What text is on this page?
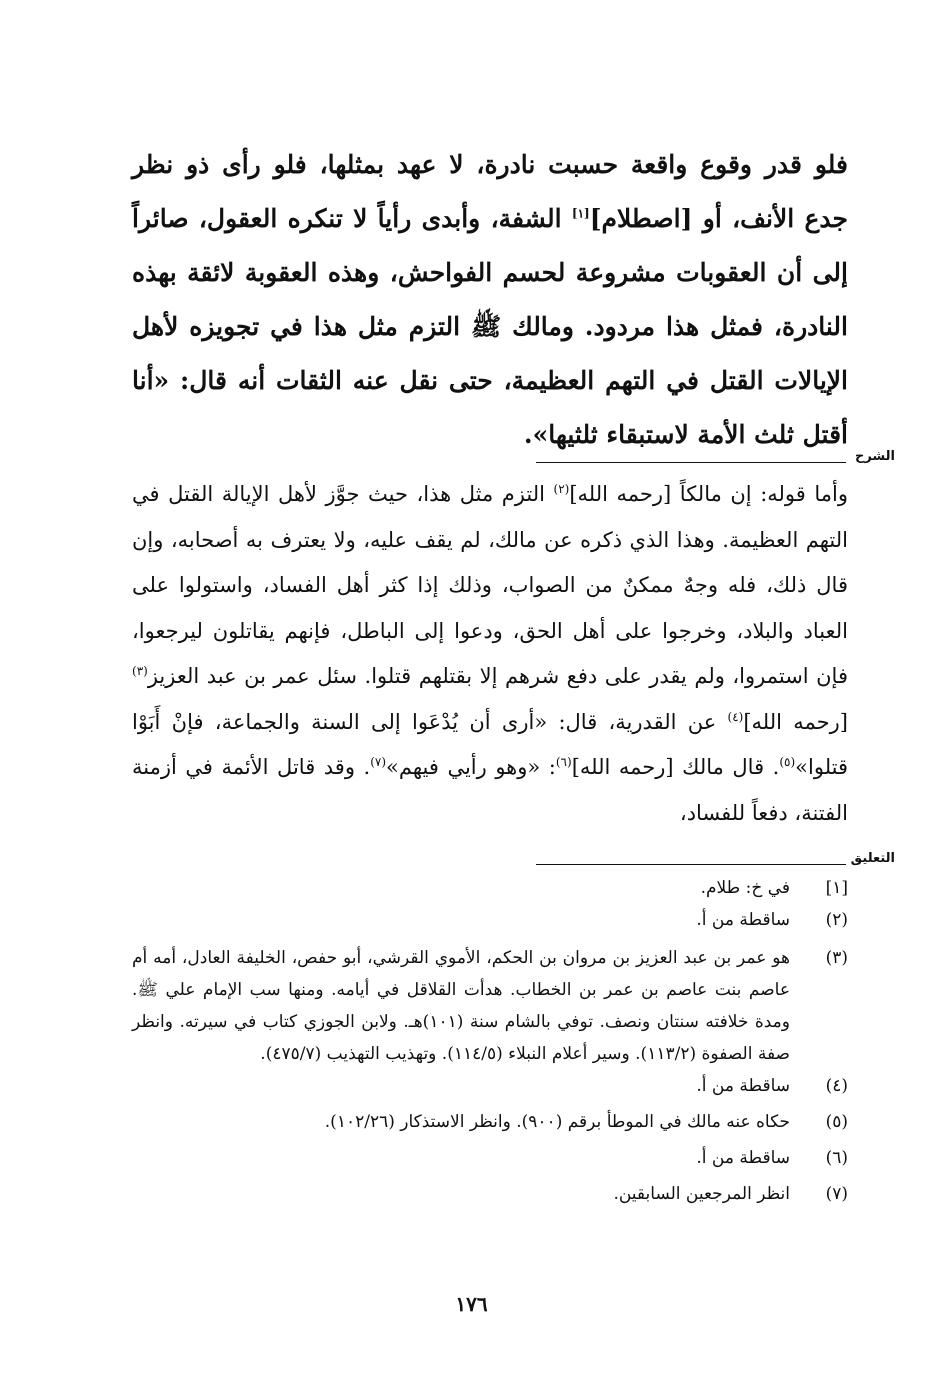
فلو قدر وقوع واقعة حسبت نادرة، لا عهد بمثلها، فلو رأى ذو نظر جدع الأنف، أو [اصطلام][١] الشفة، وأبدى رأياً لا تنكره العقول، صائراً إلى أن العقوبات مشروعة لحسم الفواحش، وهذه العقوبة لائقة بهذه النادرة، فمثل هذا مردود. ومالك ﷺ التزم مثل هذا في تجويزه لأهل الإيالات القتل في التهم العظيمة، حتى نقل عنه الثقات أنه قال: «أنا أقتل ثلث الأمة لاستبقاء ثلثيها».
الشرح
وأما قوله: إن مالكاً [رحمه الله]$^{(٢)}$ التزم مثل هذا، حيث جوَّز لأهل الإيالة القتل في التهم العظيمة. وهذا الذي ذكره عن مالك، لم يقف عليه، ولا يعترف به أصحابه، وإن قال ذلك، فله وجهٌ ممكنٌ من الصواب، وذلك إذا كثر أهل الفساد، واستولوا على العباد والبلاد، وخرجوا على أهل الحق، ودعوا إلى الباطل، فإنهم يقاتلون ليرجعوا، فإن استمروا، ولم يقدر على دفع شرهم إلا بقتلهم قتلوا. سئل عمر بن عبد العزيز$^{(٣)}$ [رحمه الله]$^{(٤)}$ عن القدرية، قال: «أرى أن يُدْعَوا إلى السنة والجماعة، فإنْ أَبَوْا قتلوا»$^{(٥)}$. قال مالك [رحمه الله]$^{(٦)}$: «وهو رأيي فيهم»$^{(٧)}$. وقد قاتل الأئمة في أزمنة الفتنة، دفعاً للفساد،
التعليق
[١]
في خ: طلام.
(٢)
ساقطة من أ.
(٣)
هو عمر بن عبد العزيز بن مروان بن الحكم، الأموي القرشي، أبو حفص، الخليفة العادل، أمه أم عاصم بنت عاصم بن عمر بن الخطاب. هدأت القلاقل في أيامه. ومنها سب الإمام علي ﷺ. ومدة خلافته سنتان ونصف. توفي بالشام سنة (١٠١)هـ. ولابن الجوزي كتاب في سيرته. وانظر صفة الصفوة (١١٣/٢). وسير أعلام النبلاء (١١٤/٥). وتهذيب التهذيب (٤٧٥/٧).
(٤)
ساقطة من أ.
(٥)
حكاه عنه مالك في الموطأ برقم (٩٠٠). وانظر الاستذكار (١٠٢/٢٦).
(٦)
ساقطة من أ.
(٧)
انظر المرجعين السابقين.
١٧٦
